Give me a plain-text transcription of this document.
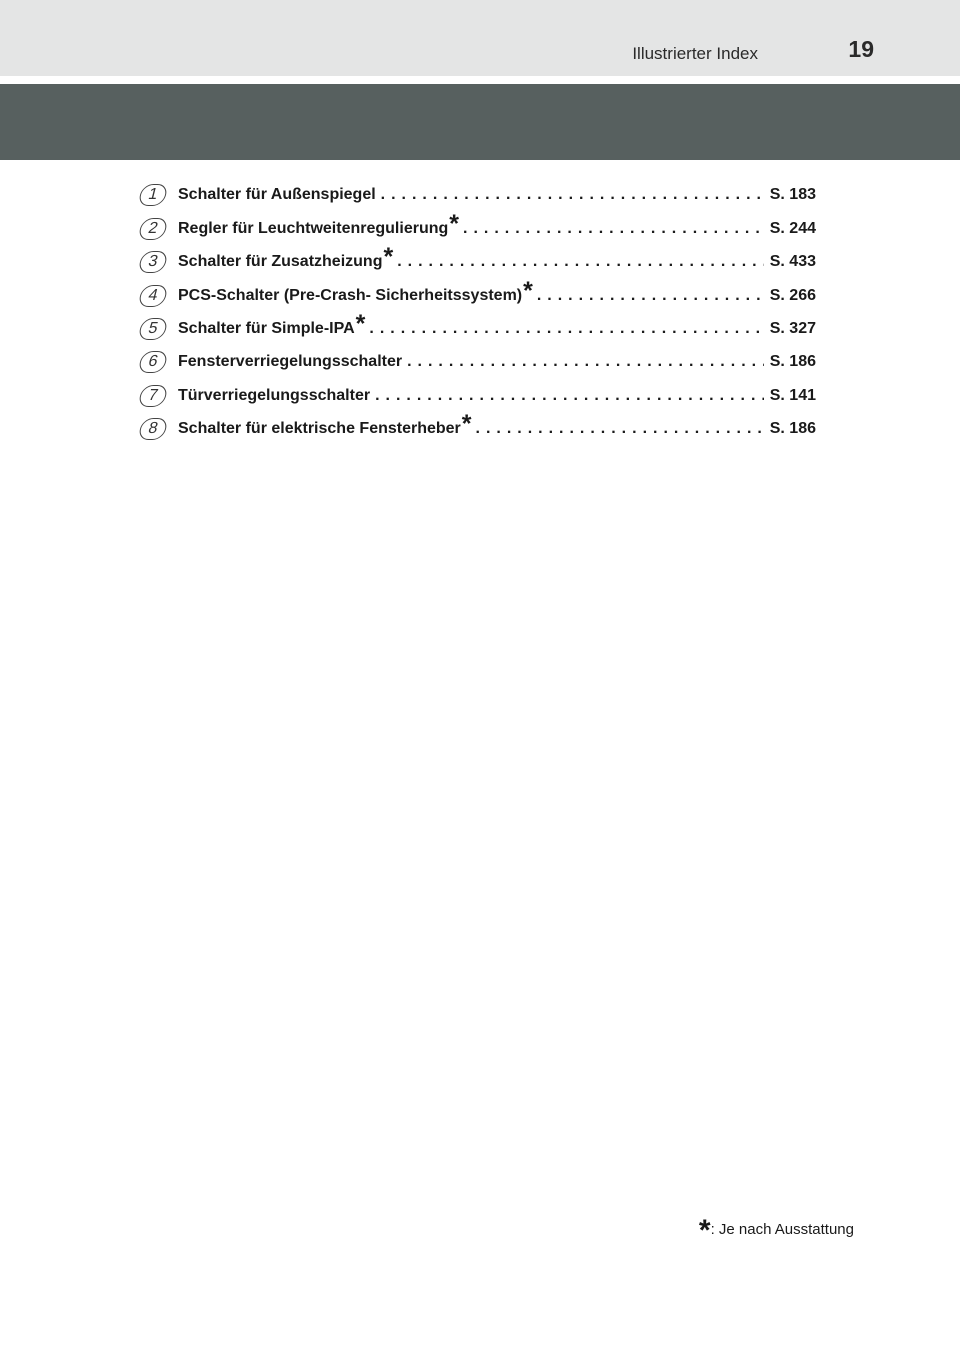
Illustrierter Index	19
1	Schalter für Außenspiegel . . .	S. 183
2	Regler für Leuchtweitenregulierung * . . .	S. 244
3	Schalter für Zusatzheizung * . . .	S. 433
4	PCS-Schalter (Pre-Crash- Sicherheitssystem) * . . .	S. 266
5	Schalter für Simple-IPA * . . .	S. 327
6	Fensterverriegelungsschalter . . .	S. 186
7	Türverriegelungsschalter . . .	S. 141
8	Schalter für elektrische Fensterheber * . . .	S. 186
*: Je nach Ausstattung
